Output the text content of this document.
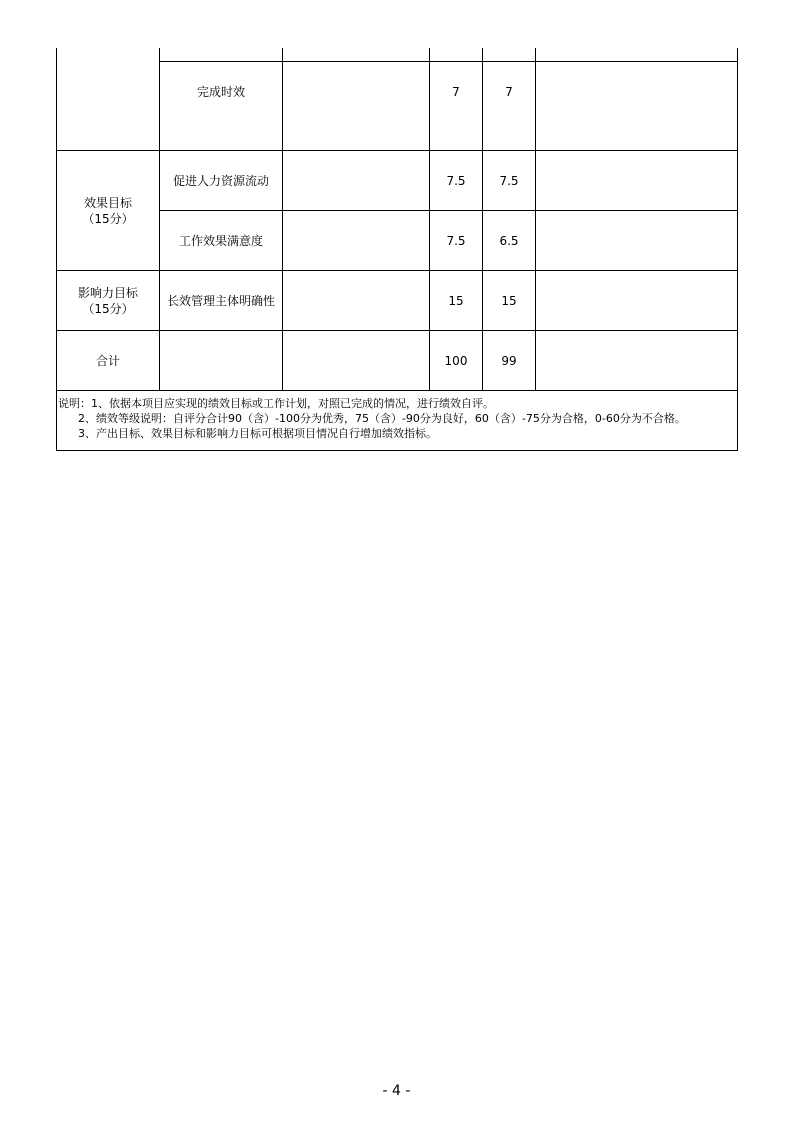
完成时效	7	7
效果目标
（15分）
促进人力资源流动	7.5	7.5
工作效果满意度	7.5	6.5
影响力目标
（15分）
长效管理主体明确性	15	15
合计	100	99
说明：1、依据本项目应实现的绩效目标或工作计划，对照已完成的情况，进行绩效自评。
2、绩效等级说明：自评分合计90（含）-100分为优秀，75（含）-90分为良好，60（含）-75分为合格，0-60分为不合格。
3、产出目标、效果目标和影响力目标可根据项目情况自行增加绩效指标。
- 4 -
